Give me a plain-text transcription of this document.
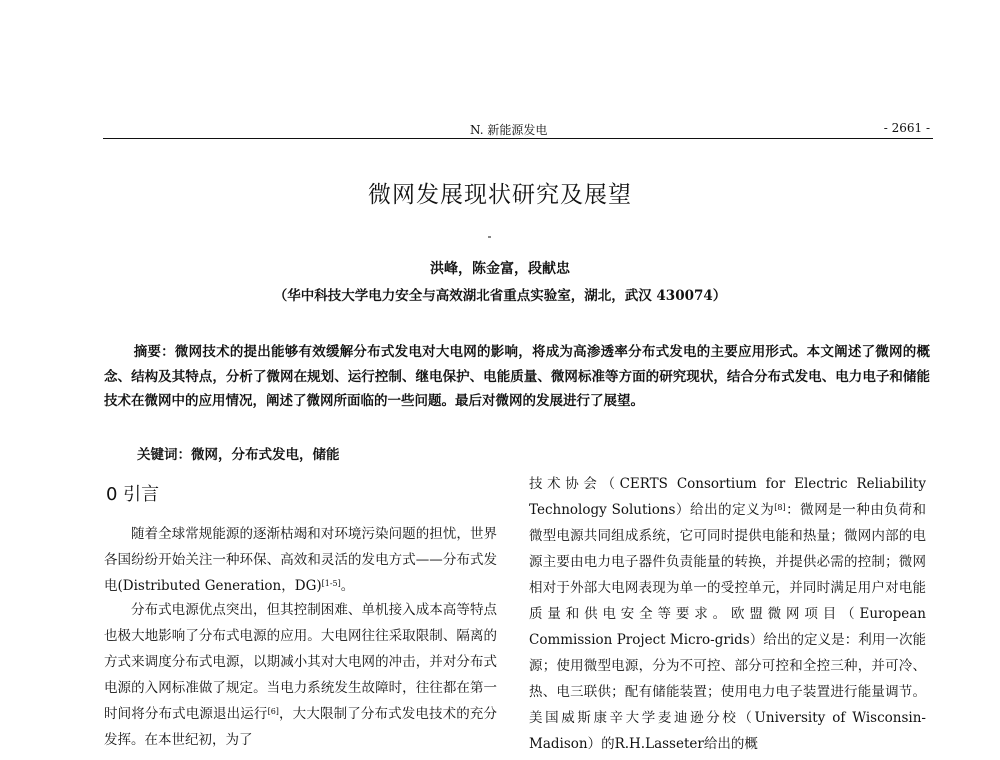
N. 新能源发电	- 2661 -
微网发展现状研究及展望
洪峰，陈金富，段献忠
（华中科技大学电力安全与高效湖北省重点实验室，湖北，武汉 430074）

摘要：微网技术的提出能够有效缓解分布式发电对大电网的影响，将成为高渗透率分布式发电的主要应用形式。本文阐述了微网的概念、结构及其特点，分析了微网在规划、运行控制、继电保护、电能质量、微网标准等方面的研究现状，结合分布式发电、电力电子和储能技术在微网中的应用情况，阐述了微网所面临的一些问题。最后对微网的发展进行了展望。

关键词：微网，分布式发电，储能
0 引言

随着全球常规能源的逐渐枯竭和对环境污染问题的担忧，世界各国纷纷开始关注一种环保、高效和灵活的发电方式——分布式发电(Distributed Generation，DG)[1-5]。

分布式电源优点突出，但其控制困难、单机接入成本高等特点也极大地影响了分布式电源的应用。大电网往往采取限制、隔离的方式来调度分布式电源，以期减小其对大电网的冲击，并对分布式电源的入网标准做了规定。当电力系统发生故障时，往往都在第一时间将分布式电源退出运行[6]，大大限制了分布式发电技术的充分发挥。在本世纪初，为了

技术协会（CERTS Consortium for Electric Reliability Technology Solutions）给出的定义为[8]：微网是一种由负荷和微型电源共同组成系统，它可同时提供电能和热量；微网内部的电源主要由电力电子器件负责能量的转换，并提供必需的控制；微网相对于外部大电网表现为单一的受控单元，并同时满足用户对电能质量和供电安全等要求。欧盟微网项目（European Commission Project Micro-grids）给出的定义是：利用一次能源；使用微型电源，分为不可控、部分可控和全控三种，并可冷、热、电三联供；配有储能装置；使用电力电子装置进行能量调节。美国威斯康辛大学麦迪逊分校（University of Wisconsin-Madison）的R.H.Lasseter给出的概
